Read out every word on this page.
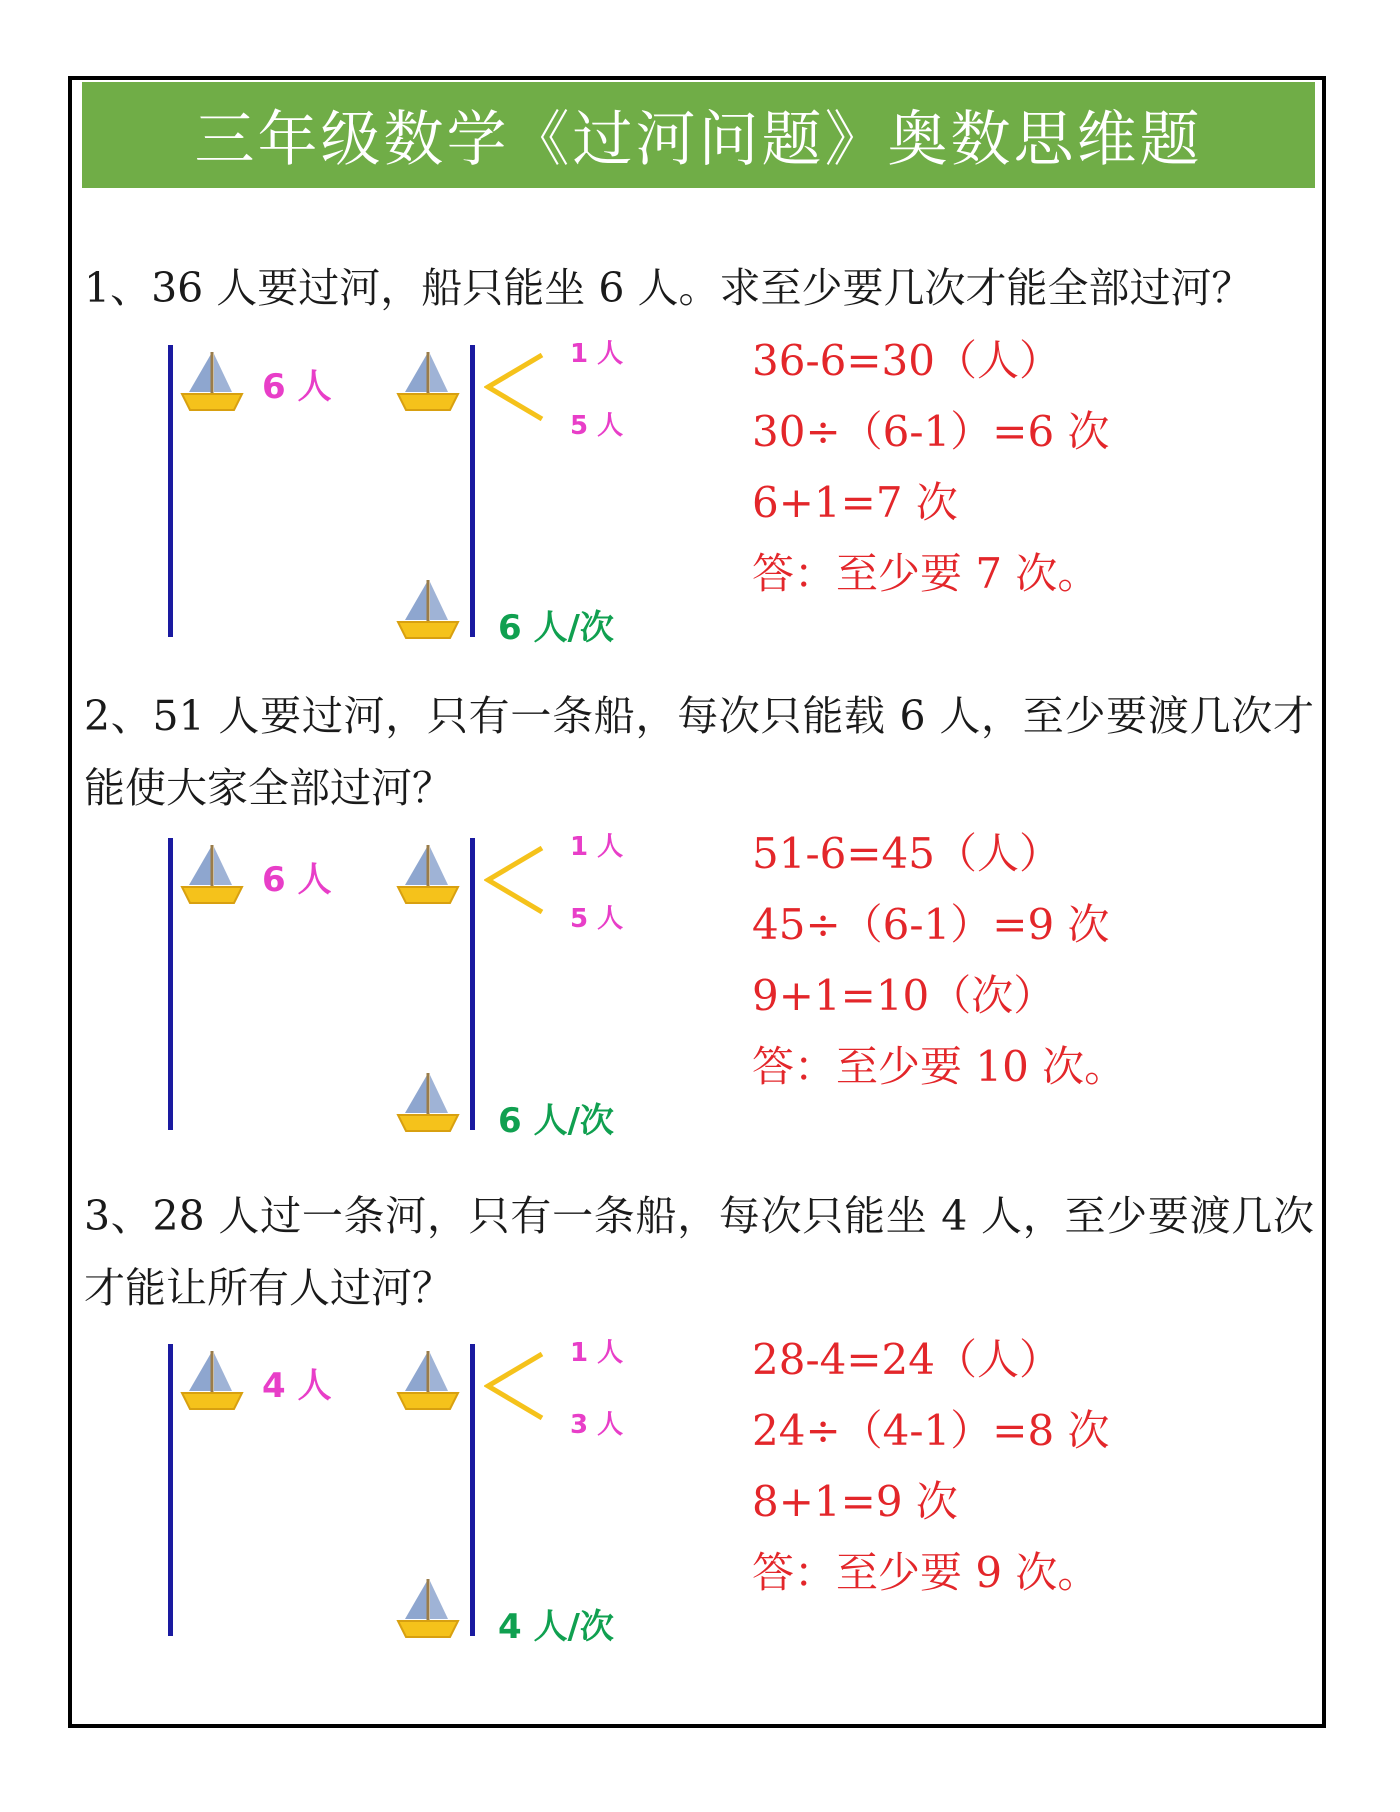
三年级数学《过河问题》奥数思维题
1、36 人要过河，船只能坐 6 人。求至少要几次才能全部过河？
6 人
1 人
5 人
6 人/次
36-6=30（人）
30÷（6-1）=6 次
6+1=7 次
答：至少要 7 次。
2、51 人要过河，只有一条船，每次只能载 6 人，至少要渡几次才能使大家全部过河？
6 人
1 人
5 人
6 人/次
51-6=45（人）
45÷（6-1）=9 次
9+1=10（次）
答：至少要 10 次。
3、28 人过一条河，只有一条船，每次只能坐 4 人，至少要渡几次才能让所有人过河？
4 人
1 人
3 人
4 人/次
28-4=24（人）
24÷（4-1）=8 次
8+1=9 次
答：至少要 9 次。
